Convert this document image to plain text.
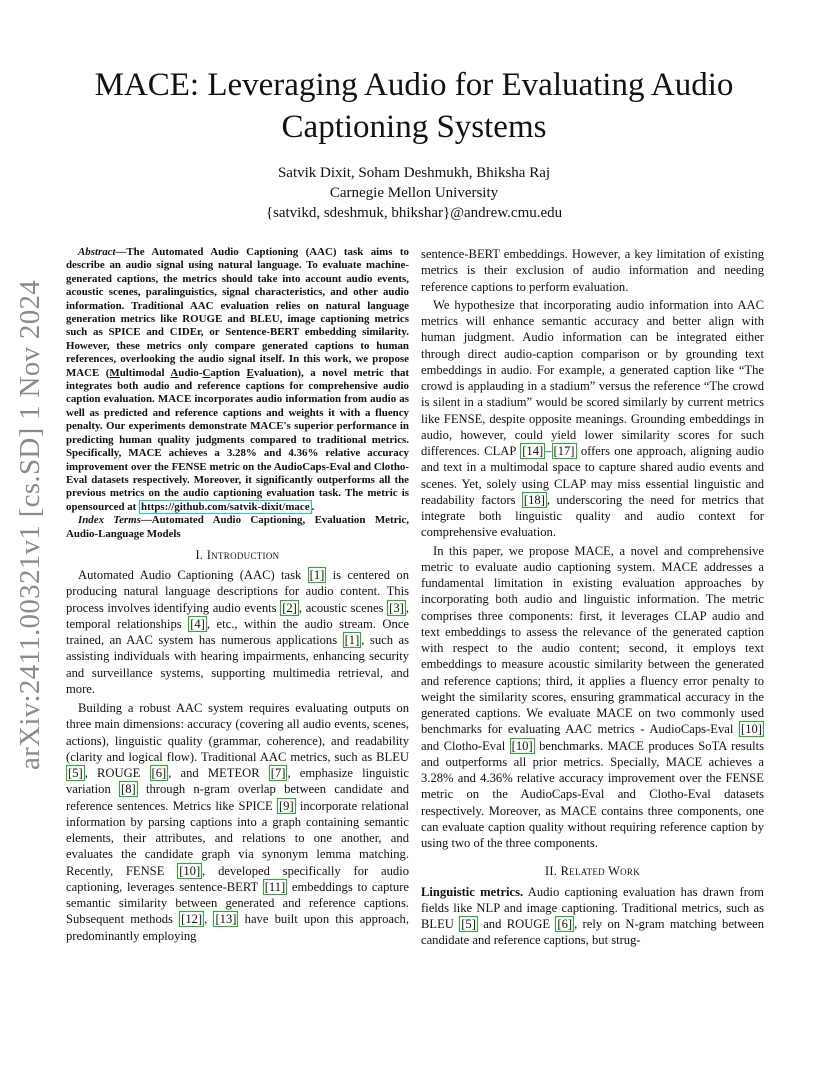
arXiv:2411.00321v1 [cs.SD] 1 Nov 2024
MACE: Leveraging Audio for Evaluating Audio Captioning Systems
Satvik Dixit, Soham Deshmukh, Bhiksha Raj
Carnegie Mellon University
{satvikd, sdeshmuk, bhikshar}@andrew.cmu.edu

Abstract—The Automated Audio Captioning (AAC) task aims to describe an audio signal using natural language. To evaluate machine-generated captions, the metrics should take into account audio events, acoustic scenes, paralinguistics, signal characteristics, and other audio information. Traditional AAC evaluation relies on natural language generation metrics like ROUGE and BLEU, image captioning metrics such as SPICE and CIDEr, or Sentence-BERT embedding similarity. However, these metrics only compare generated captions to human references, overlooking the audio signal itself. In this work, we propose MACE (Multimodal Audio-Caption Evaluation), a novel metric that integrates both audio and reference captions for comprehensive audio caption evaluation. MACE incorporates audio information from audio as well as predicted and reference captions and weights it with a fluency penalty. Our experiments demonstrate MACE's superior performance in predicting human quality judgments compared to traditional metrics. Specifically, MACE achieves a 3.28% and 4.36% relative accuracy improvement over the FENSE metric on the AudioCaps-Eval and Clotho-Eval datasets respectively. Moreover, it significantly outperforms all the previous metrics on the audio captioning evaluation task. The metric is opensourced at https://github.com/satvik-dixit/mace .

Index Terms—Automated Audio Captioning, Evaluation Metric, Audio-Language Models

I. Introduction

Automated Audio Captioning (AAC) task [1] is centered on producing natural language descriptions for audio content. This process involves identifying audio events [2] , acoustic scenes [3] , temporal relationships [4] , etc., within the audio stream. Once trained, an AAC system has numerous applications [1] , such as assisting individuals with hearing impairments, enhancing security and surveillance systems, supporting multimedia retrieval, and more.

Building a robust AAC system requires evaluating outputs on three main dimensions: accuracy (covering all audio events, scenes, actions), linguistic quality (grammar, coherence), and readability (clarity and logical flow). Traditional AAC metrics, such as BLEU [5] , ROUGE [6] , and METEOR [7] , emphasize linguistic variation [8] through n-gram overlap between candidate and reference sentences. Metrics like SPICE [9] incorporate relational information by parsing captions into a graph containing semantic elements, their attributes, and relations to one another, and evaluates the candidate graph via synonym lemma matching. Recently, FENSE [10] , developed specifically for audio captioning, leverages sentence-BERT [11] embeddings to capture semantic similarity between generated and reference captions. Subsequent methods [12] , [13] have built upon this approach, predominantly employing

sentence-BERT embeddings. However, a key limitation of existing metrics is their exclusion of audio information and needing reference captions to perform evaluation.

We hypothesize that incorporating audio information into AAC metrics will enhance semantic accuracy and better align with human judgment. Audio information can be integrated either through direct audio-caption comparison or by grounding text embeddings in audio. For example, a generated caption like “The crowd is applauding in a stadium” versus the reference “The crowd is silent in a stadium” would be scored similarly by current metrics like FENSE, despite opposite meanings. Grounding embeddings in audio, however, could yield lower similarity scores for such differences. CLAP [14] – [17] offers one approach, aligning audio and text in a multimodal space to capture shared audio events and scenes. Yet, solely using CLAP may miss essential linguistic and readability factors [18] , underscoring the need for metrics that integrate both linguistic quality and audio context for comprehensive evaluation.

In this paper, we propose MACE, a novel and comprehensive metric to evaluate audio captioning system. MACE addresses a fundamental limitation in existing evaluation approaches by incorporating both audio and linguistic information. The metric comprises three components: first, it leverages CLAP audio and text embeddings to assess the relevance of the generated caption with respect to the audio content; second, it employs text embeddings to measure acoustic similarity between the generated and reference captions; third, it applies a fluency error penalty to weight the similarity scores, ensuring grammatical accuracy in the generated captions. We evaluate MACE on two commonly used benchmarks for evaluating AAC metrics - AudioCaps-Eval [10] and Clotho-Eval [10] benchmarks. MACE produces SoTA results and outperforms all prior metrics. Specially, MACE achieves a 3.28% and 4.36% relative accuracy improvement over the FENSE metric on the AudioCaps-Eval and Clotho-Eval datasets respectively. Moreover, as MACE contains three components, one can evaluate caption quality without requiring reference caption by using two of the three components.

II. Related Work

Linguistic metrics. Audio captioning evaluation has drawn from fields like NLP and image captioning. Traditional metrics, such as BLEU [5] and ROUGE [6] , rely on N-gram matching between candidate and reference captions, but strug-
